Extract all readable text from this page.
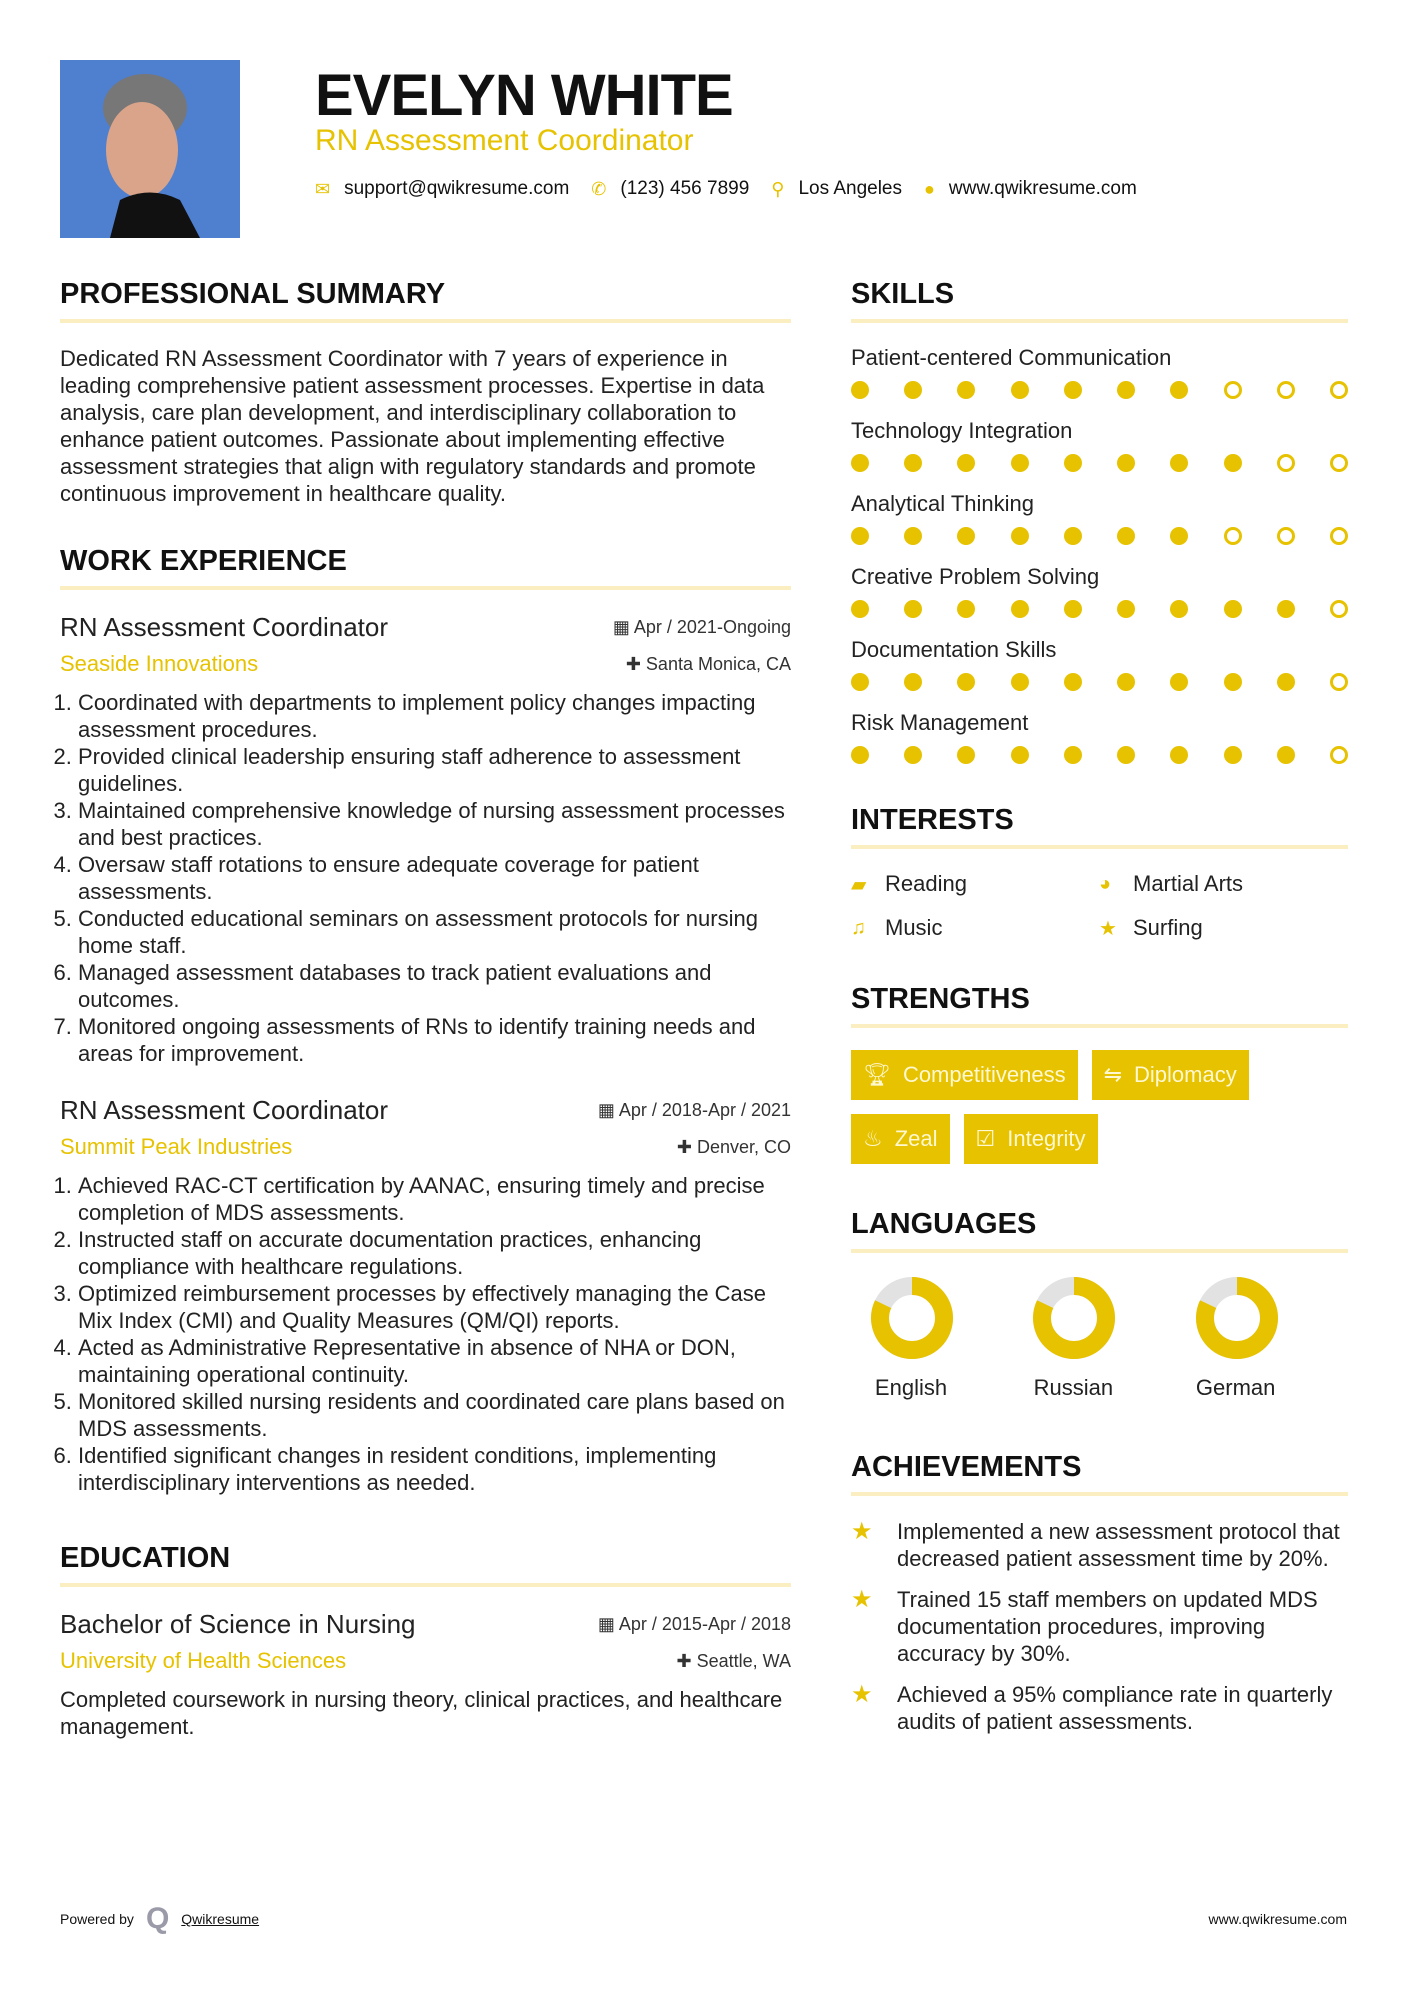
EVELYN WHITE
RN Assessment Coordinator
✉ support@qwikresume.com ✆ (123) 456 7899 ⚲ Los Angeles ● www.qwikresume.com
PROFESSIONAL SUMMARY

Dedicated RN Assessment Coordinator with 7 years of experience in leading comprehensive patient assessment processes. Expertise in data analysis, care plan development, and interdisciplinary collaboration to enhance patient outcomes. Passionate about implementing effective assessment strategies that align with regulatory standards and promote continuous improvement in healthcare quality.

WORK EXPERIENCE
RN Assessment Coordinator	▦ Apr / 2021-Ongoing
Seaside Innovations	✚ Santa Monica, CA
1. Coordinated with departments to implement policy changes impacting assessment procedures.
2. Provided clinical leadership ensuring staff adherence to assessment guidelines.
3. Maintained comprehensive knowledge of nursing assessment processes and best practices.
4. Oversaw staff rotations to ensure adequate coverage for patient assessments.
5. Conducted educational seminars on assessment protocols for nursing home staff.
6. Managed assessment databases to track patient evaluations and outcomes.
7. Monitored ongoing assessments of RNs to identify training needs and areas for improvement.
RN Assessment Coordinator	▦ Apr / 2018-Apr / 2021
Summit Peak Industries	✚ Denver, CO
1. Achieved RAC-CT certification by AANAC, ensuring timely and precise completion of MDS assessments.
2. Instructed staff on accurate documentation practices, enhancing compliance with healthcare regulations.
3. Optimized reimbursement processes by effectively managing the Case Mix Index (CMI) and Quality Measures (QM/QI) reports.
4. Acted as Administrative Representative in absence of NHA or DON, maintaining operational continuity.
5. Monitored skilled nursing residents and coordinated care plans based on MDS assessments.
6. Identified significant changes in resident conditions, implementing interdisciplinary interventions as needed.
EDUCATION
Bachelor of Science in Nursing	▦ Apr / 2015-Apr / 2018
University of Health Sciences	✚ Seattle, WA

Completed coursework in nursing theory, clinical practices, and healthcare management.

SKILLS
Patient-centered Communication
Technology Integration
Analytical Thinking
Creative Problem Solving
Documentation Skills
Risk Management
INTERESTS
▰ Reading	◕ Martial Arts
♫ Music	★ Surfing
STRENGTHS
🏆︎ Competitiveness ⇋ Diplomacy
♨ Zeal ☑ Integrity
LANGUAGES
English	Russian	German
ACHIEVEMENTS
★	Implemented a new assessment protocol that decreased patient assessment time by 20%.
★	Trained 15 staff members on updated MDS documentation procedures, improving accuracy by 30%.
★	Achieved a 95% compliance rate in quarterly audits of patient assessments.
Powered by Q Qwikresume	www.qwikresume.com
